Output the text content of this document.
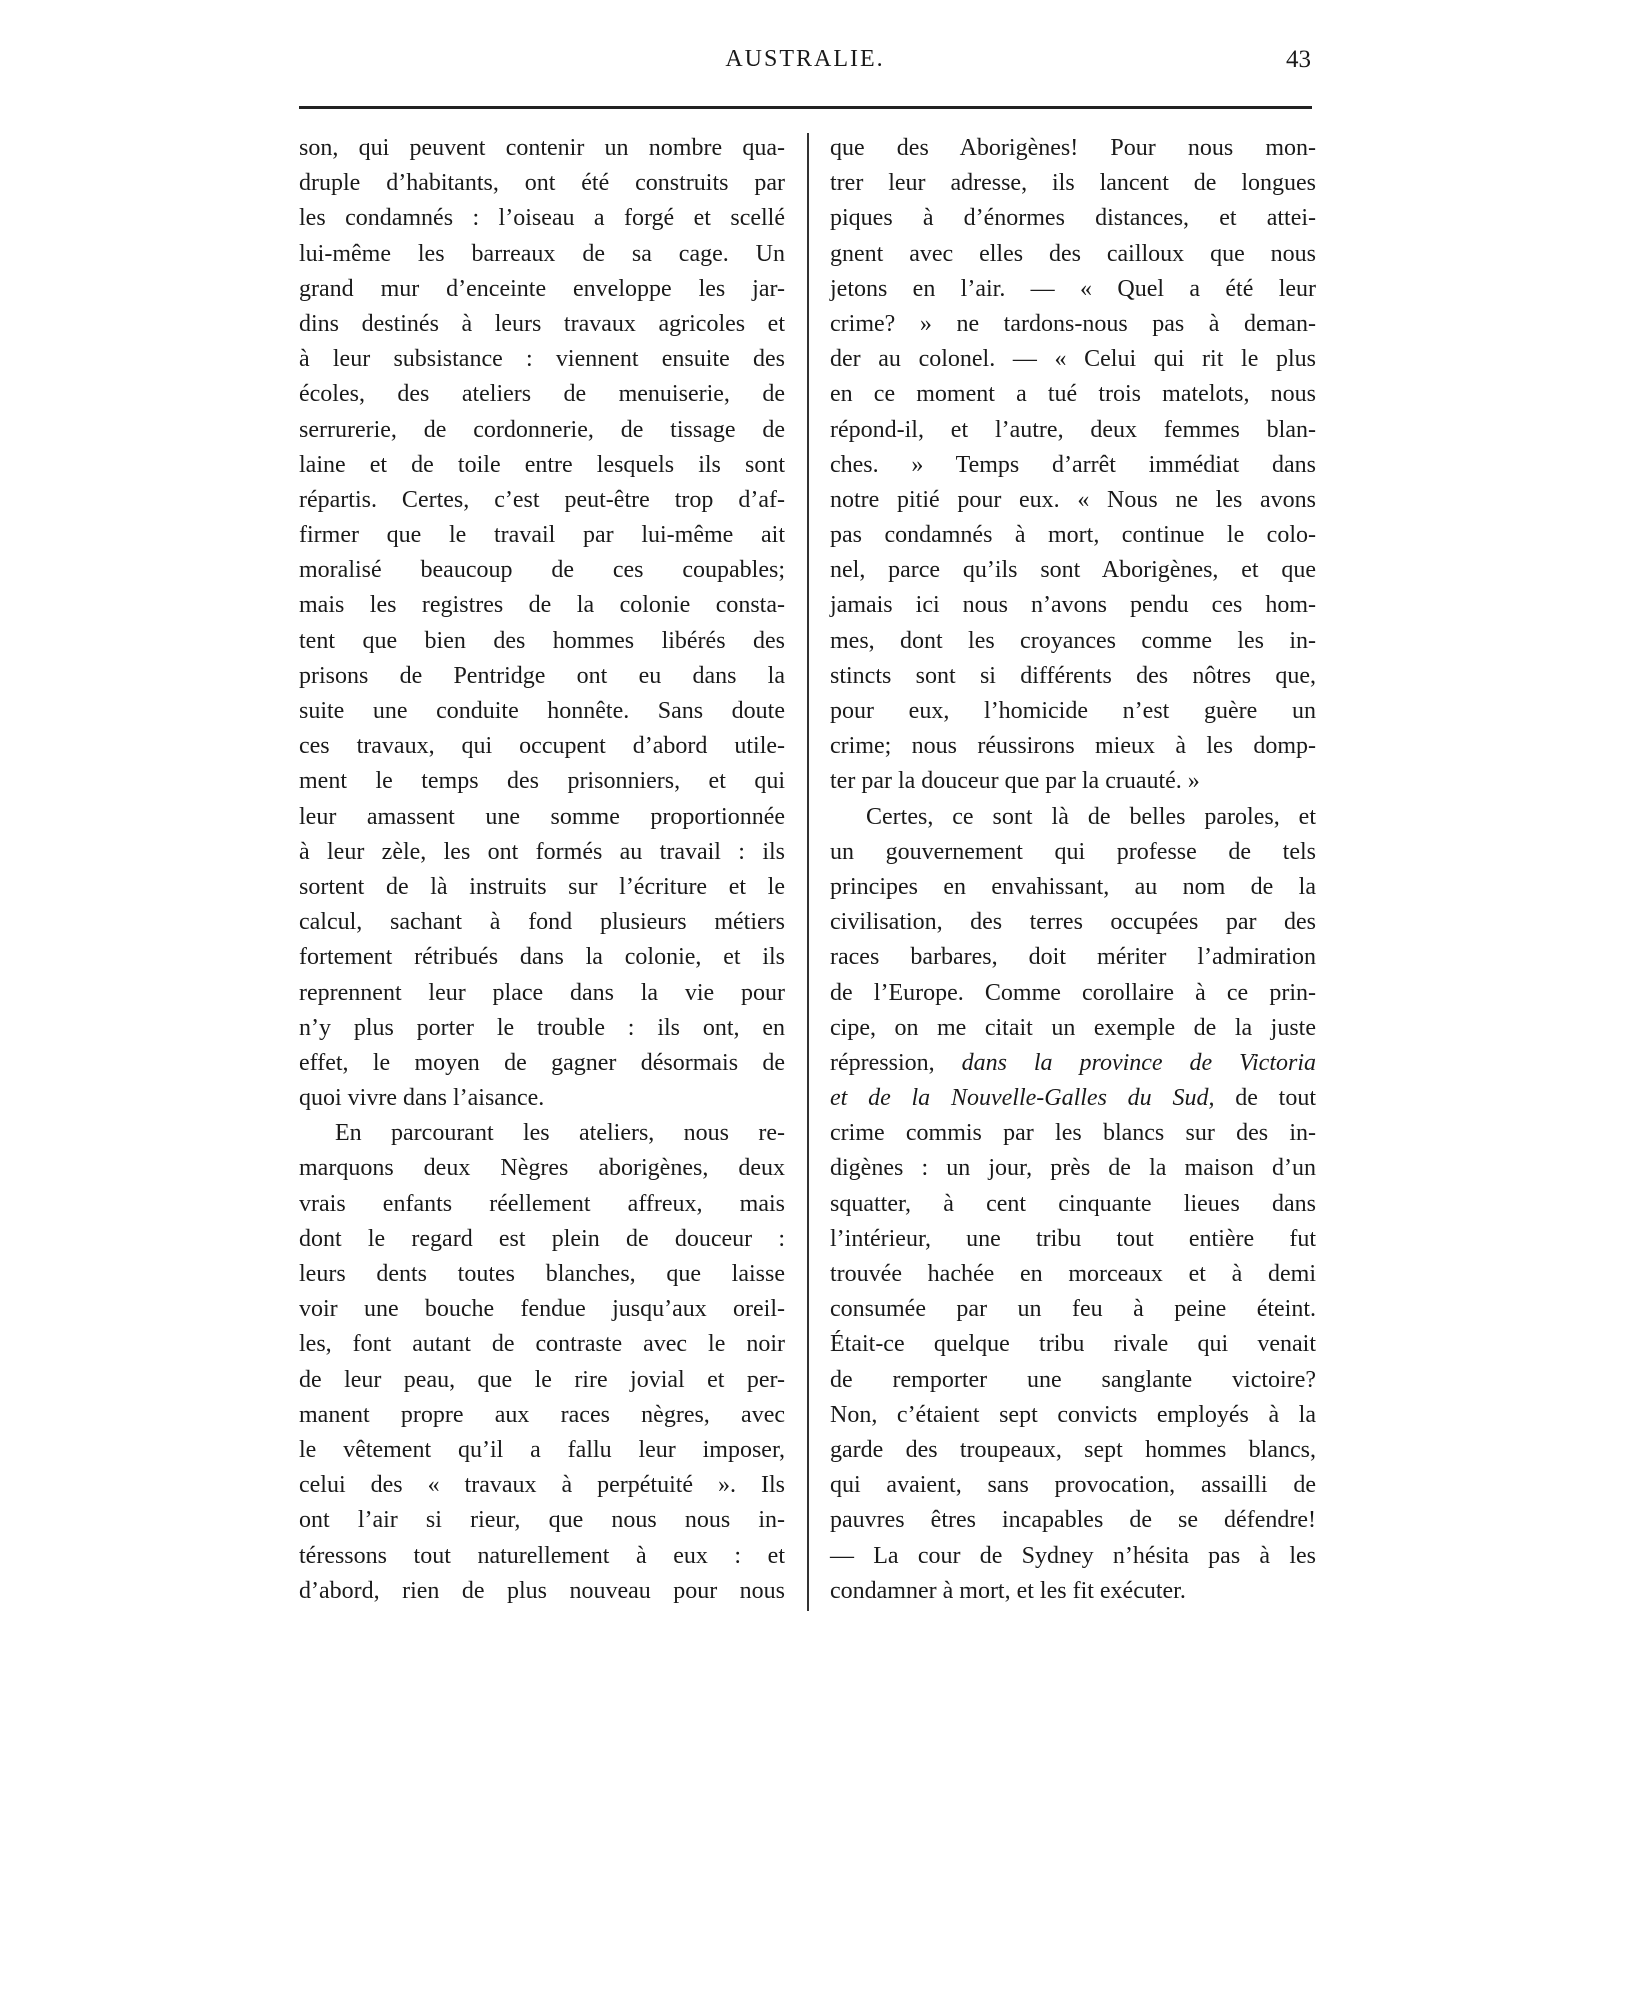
AUSTRALIE.	43
son, qui peuvent contenir un nombre qua-
druple d’habitants, ont été construits par
les condamnés : l’oiseau a forgé et scellé
lui-même les barreaux de sa cage. Un
grand mur d’enceinte enveloppe les jar-
dins destinés à leurs travaux agricoles et
à leur subsistance : viennent ensuite des
écoles, des ateliers de menuiserie, de
serrurerie, de cordonnerie, de tissage de
laine et de toile entre lesquels ils sont
répartis. Certes, c’est peut-être trop d’af-
firmer que le travail par lui-même ait
moralisé beaucoup de ces coupables;
mais les registres de la colonie consta-
tent que bien des hommes libérés des
prisons de Pentridge ont eu dans la
suite une conduite honnête. Sans doute
ces travaux, qui occupent d’abord utile-
ment le temps des prisonniers, et qui
leur amassent une somme proportionnée
à leur zèle, les ont formés au travail : ils
sortent de là instruits sur l’écriture et le
calcul, sachant à fond plusieurs métiers
fortement rétribués dans la colonie, et ils
reprennent leur place dans la vie pour
n’y plus porter le trouble : ils ont, en
effet, le moyen de gagner désormais de
quoi vivre dans l’aisance.
En parcourant les ateliers, nous re-
marquons deux Nègres aborigènes, deux
vrais enfants réellement affreux, mais
dont le regard est plein de douceur :
leurs dents toutes blanches, que laisse
voir une bouche fendue jusqu’aux oreil-
les, font autant de contraste avec le noir
de leur peau, que le rire jovial et per-
manent propre aux races nègres, avec
le vêtement qu’il a fallu leur imposer,
celui des « travaux à perpétuité ». Ils
ont l’air si rieur, que nous nous in-
téressons tout naturellement à eux : et
d’abord, rien de plus nouveau pour nous
que des Aborigènes! Pour nous mon-
trer leur adresse, ils lancent de longues
piques à d’énormes distances, et attei-
gnent avec elles des cailloux que nous
jetons en l’air. — « Quel a été leur
crime? » ne tardons-nous pas à deman-
der au colonel. — « Celui qui rit le plus
en ce moment a tué trois matelots, nous
répond-il, et l’autre, deux femmes blan-
ches. » Temps d’arrêt immédiat dans
notre pitié pour eux. « Nous ne les avons
pas condamnés à mort, continue le colo-
nel, parce qu’ils sont Aborigènes, et que
jamais ici nous n’avons pendu ces hom-
mes, dont les croyances comme les in-
stincts sont si différents des nôtres que,
pour eux, l’homicide n’est guère un
crime; nous réussirons mieux à les domp-
ter par la douceur que par la cruauté. »
Certes, ce sont là de belles paroles, et
un gouvernement qui professe de tels
principes en envahissant, au nom de la
civilisation, des terres occupées par des
races barbares, doit mériter l’admiration
de l’Europe. Comme corollaire à ce prin-
cipe, on me citait un exemple de la juste
répression, dans la province de Victoria
et de la Nouvelle-Galles du Sud, de tout
crime commis par les blancs sur des in-
digènes : un jour, près de la maison d’un
squatter, à cent cinquante lieues dans
l’intérieur, une tribu tout entière fut
trouvée hachée en morceaux et à demi
consumée par un feu à peine éteint.
Était-ce quelque tribu rivale qui venait
de remporter une sanglante victoire?
Non, c’étaient sept convicts employés à la
garde des troupeaux, sept hommes blancs,
qui avaient, sans provocation, assailli de
pauvres êtres incapables de se défendre!
— La cour de Sydney n’hésita pas à les
condamner à mort, et les fit exécuter.
